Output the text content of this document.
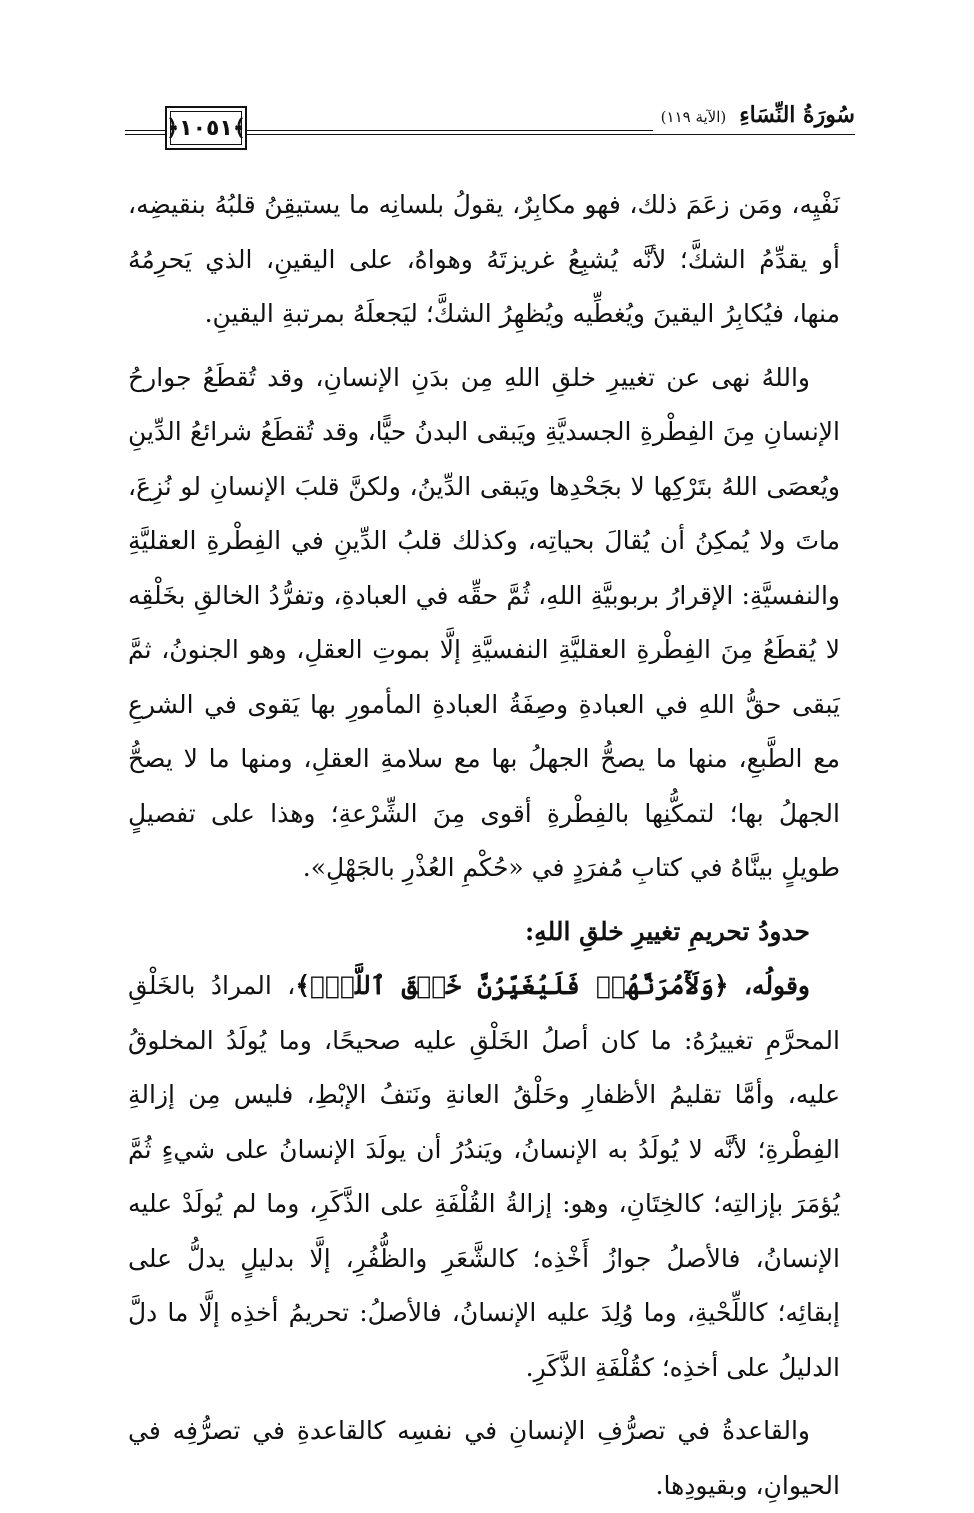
سُورَةُ النِّسَاءِ (الآية ١١٩)
﴿١٠٥١﴾

نَفْيِه، ومَن زعَمَ ذلك، فهو مكابِرٌ، يقولُ بلسانِه ما يستيقِنُ قلبُهُ بنقيضِه، أو يقدِّمُ الشكَّ؛ لأنَّه يُشبِعُ غريزتَهُ وهواهُ، على اليقينِ، الذي يَحرِمُهُ منها، فيُكابِرُ اليقينَ ويُغطِّيه ويُظهِرُ الشكَّ؛ ليَجعلَهُ بمرتبةِ اليقينِ.

واللهُ نهى عن تغييرِ خلقِ اللهِ مِن بدَنِ الإنسانِ، وقد تُقطَعُ جوارحُ الإنسانِ مِنَ الفِطْرةِ الجسديَّةِ ويَبقى البدنُ حيًّا، وقد تُقطَعُ شرائعُ الدِّينِ ويُعصَى اللهُ بتَرْكِها لا بجَحْدِها ويَبقى الدِّينُ، ولكنَّ قلبَ الإنسانِ لو نُزِعَ، ماتَ ولا يُمكِنُ أن يُقالَ بحياتِه، وكذلك قلبُ الدِّينِ في الفِطْرةِ العقليَّةِ والنفسيَّةِ: الإقرارُ بربوبيَّةِ اللهِ، ثُمَّ حقِّه في العبادةِ، وتفرُّدُ الخالقِ بخَلْقِه لا يُقطَعُ مِنَ الفِطْرةِ العقليَّةِ النفسيَّةِ إلَّا بموتِ العقلِ، وهو الجنونُ، ثمَّ يَبقى حقُّ اللهِ في العبادةِ وصِفَةُ العبادةِ المأمورِ بها يَقوى في الشرعِ مع الطَّبعِ، منها ما يصحُّ الجهلُ بها مع سلامةِ العقلِ، ومنها ما لا يصحُّ الجهلُ بها؛ لتمكُّنِها بالفِطْرةِ أقوى مِنَ الشِّرْعةِ؛ وهذا على تفصيلٍ طويلٍ بينَّاهُ في كتابِ مُفرَدٍ في «حُكْمِ العُذْرِ بالجَهْلِ».

حدودُ تحريمِ تغييرِ خلقِ اللهِ:

وقولُه، ﴿وَلَأٓمُرَنَّهُمۡ فَلَيُغَيِّرُنَّ خَلۡقَ ٱللَّهِۚ﴾، المرادُ بالخَلْقِ المحرَّمِ تغييرُهُ: ما كان أصلُ الخَلْقِ عليه صحيحًا، وما يُولَدُ المخلوقُ عليه، وأمَّا تقليمُ الأظفارِ وحَلْقُ العانةِ ونَتفُ الإبْطِ، فليس مِن إزالةِ الفِطْرةِ؛ لأنَّه لا يُولَدُ به الإنسانُ، ويَندُرُ أن يولَدَ الإنسانُ على شيءٍ ثُمَّ يُؤمَرَ بإزالتِه؛ كالخِتَانِ، وهو: إزالةُ القُلْفَةِ على الذَّكَرِ، وما لم يُولَدْ عليه الإنسانُ، فالأصلُ جوازُ أَخْذِه؛ كالشَّعَرِ والظُّفُرِ، إلَّا بدليلٍ يدلُّ على إبقائِه؛ كاللِّحْيةِ، وما وُلِدَ عليه الإنسانُ، فالأصلُ: تحريمُ أخذِه إلَّا ما دلَّ الدليلُ على أخذِه؛ كقُلْفَةِ الذَّكَرِ.

والقاعدةُ في تصرُّفِ الإنسانِ في نفسِه كالقاعدةِ في تصرُّفِه في الحيوانِ، وبقيودِها.
